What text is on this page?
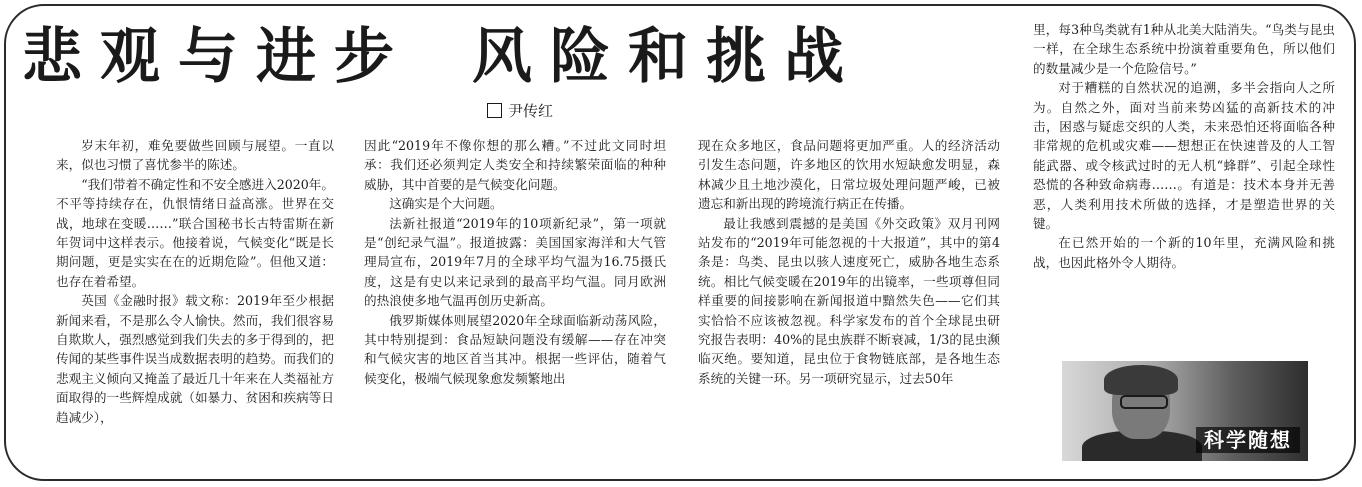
悲观与进步 风险和挑战
尹传红

岁末年初，难免要做些回顾与展望。一直以来，似也习惯了喜忧参半的陈述。

“我们带着不确定性和不安全感进入2020年。不平等持续存在，仇恨情绪日益高涨。世界在交战，地球在变暖……”联合国秘书长古特雷斯在新年贺词中这样表示。他接着说，气候变化“既是长期问题，更是实实在在的近期危险”。但他又道：也存在着希望。

英国《金融时报》载文称：2019年至少根据新闻来看，不是那么令人愉快。然而，我们很容易自欺欺人，强烈感觉到我们失去的多于得到的，把传闻的某些事件误当成数据表明的趋势。而我们的悲观主义倾向又掩盖了最近几十年来在人类福祉方面取得的一些辉煌成就（如暴力、贫困和疾病等日趋减少），

因此“2019年不像你想的那么糟。”不过此文同时坦承：我们还必须判定人类安全和持续繁荣面临的种种威胁，其中首要的是气候变化问题。

这确实是个大问题。

法新社报道“2019年的10项新纪录”，第一项就是“创纪录气温”。报道披露：美国国家海洋和大气管理局宣布，2019年7月的全球平均气温为16.75摄氏度，这是有史以来记录到的最高平均气温。同月欧洲的热浪使多地气温再创历史新高。

俄罗斯媒体则展望2020年全球面临新动荡风险，其中特别提到：食品短缺问题没有缓解——存在冲突和气候灾害的地区首当其冲。根据一些评估，随着气候变化，极端气候现象愈发频繁地出

现在众多地区，食品问题将更加严重。人的经济活动引发生态问题，许多地区的饮用水短缺愈发明显，森林减少且土地沙漠化，日常垃圾处理问题严峻，已被遗忘和新出现的跨境流行病正在传播。

最让我感到震撼的是美国《外交政策》双月刊网站发布的“2019年可能忽视的十大报道”，其中的第4条是：鸟类、昆虫以骇人速度死亡，威胁各地生态系统。相比气候变暖在2019年的出镜率，一些项尊但同样重要的间接影响在新闻报道中黯然失色——它们其实恰恰不应该被忽视。科学家发布的首个全球昆虫研究报告表明：40%的昆虫族群不断衰减，1/3的昆虫濒临灭绝。要知道，昆虫位于食物链底部，是各地生态系统的关键一环。另一项研究显示，过去50年

里，每3种鸟类就有1种从北美大陆消失。“鸟类与昆虫一样，在全球生态系统中扮演着重要角色，所以他们的数量减少是一个危险信号。”

对于糟糕的自然状况的追溯，多半会指向人之所为。自然之外，面对当前来势凶猛的高新技术的冲击，困惑与疑虑交织的人类，未来恐怕还将面临各种非常规的危机或灾难——想想正在快速普及的人工智能武器、或令核武过时的无人机“蜂群”、引起全球性恐慌的各种致命病毒……。有道是：技术本身并无善恶，人类利用技术所做的选择，才是塑造世界的关键。

在已然开始的一个新的10年里，充满风险和挑战，也因此格外令人期待。

科学随想
